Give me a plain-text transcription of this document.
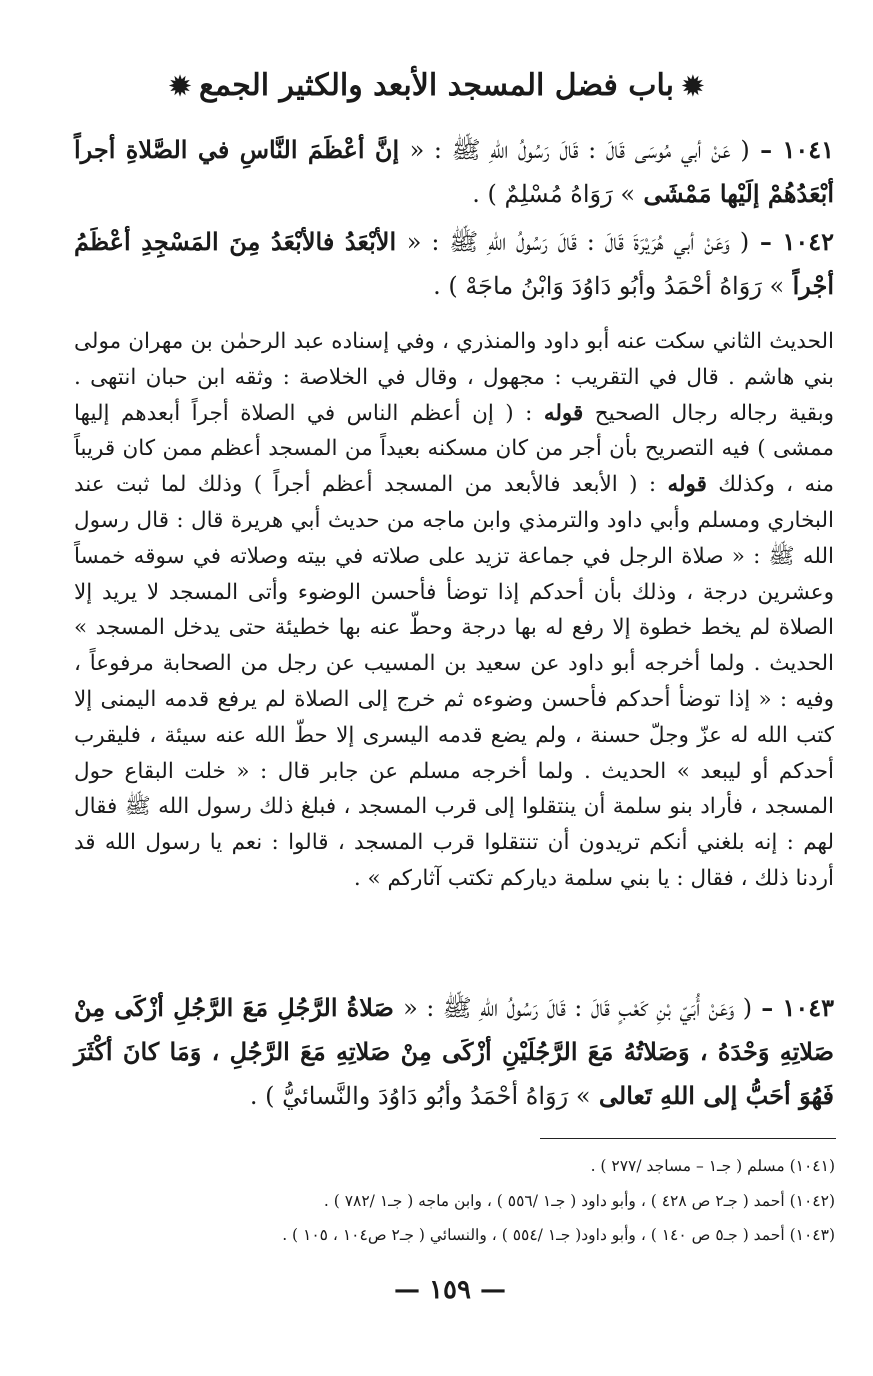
✹باب فضل المسجد الأبعد والكثير الجمع✹
١٠٤١ – ( عَنْ أبي مُوسَى قَالَ : قَالَ رَسُولُ اللهِ ﷺ : « إنَّ أعْظَمَ النَّاسِ في الصَّلاةِ أجراً أبْعَدُهُمْ إلَيْها مَمْشَى » رَوَاهُ مُسْلِمٌ ) .
١٠٤٢ – ( وَعَنْ أبي هُرَيْرَةَ قَالَ : قَالَ رَسُولُ اللهِ ﷺ : « الأبْعَدُ فالأبْعَدُ مِنَ المَسْجِدِ أعْظَمُ أجْراً » رَوَاهُ أحْمَدُ وأبُو دَاوُدَ وَابْنُ ماجَهْ ) .
الحديث الثاني سكت عنه أبو داود والمنذري ، وفي إسناده عبد الرحمٰن بن مهران مولى بني هاشم . قال في التقريب : مجهول ، وقال في الخلاصة : وثقه ابن حبان انتهى . وبقية رجاله رجال الصحيح قوله : ( إن أعظم الناس في الصلاة أجراً أبعدهم إليها ممشى ) فيه التصريح بأن أجر من كان مسكنه بعيداً من المسجد أعظم ممن كان قريباً منه ، وكذلك قوله : ( الأبعد فالأبعد من المسجد أعظم أجراً ) وذلك لما ثبت عند البخاري ومسلم وأبي داود والترمذي وابن ماجه من حديث أبي هريرة قال : قال رسول الله ﷺ : « صلاة الرجل في جماعة تزيد على صلاته في بيته وصلاته في سوقه خمساً وعشرين درجة ، وذلك بأن أحدكم إذا توضأ فأحسن الوضوء وأتى المسجد لا يريد إلا الصلاة لم يخط خطوة إلا رفع له بها درجة وحطّ عنه بها خطيئة حتى يدخل المسجد » الحديث . ولما أخرجه أبو داود عن سعيد بن المسيب عن رجل من الصحابة مرفوعاً ، وفيه : « إذا توضأ أحدكم فأحسن وضوءه ثم خرج إلى الصلاة لم يرفع قدمه اليمنى إلا كتب الله له عزّ وجلّ حسنة ، ولم يضع قدمه اليسرى إلا حطّ الله عنه سيئة ، فليقرب أحدكم أو ليبعد » الحديث . ولما أخرجه مسلم عن جابر قال : « خلت البقاع حول المسجد ، فأراد بنو سلمة أن ينتقلوا إلى قرب المسجد ، فبلغ ذلك رسول الله ﷺ فقال لهم : إنه بلغني أنكم تريدون أن تنتقلوا قرب المسجد ، قالوا : نعم يا رسول الله قد أردنا ذلك ، فقال : يا بني سلمة دياركم تكتب آثاركم » .
١٠٤٣ – ( وَعَنْ أُبَيّ بْنِ كَعْبٍ قَالَ : قَالَ رَسُولُ اللهِ ﷺ : « صَلاةُ الرَّجُلِ مَعَ الرَّجُلِ أزْكَى مِنْ صَلاتِهِ وَحْدَهُ ، وَصَلاتُهُ مَعَ الرَّجُلَيْنِ أزْكَى مِنْ صَلاتِهِ مَعَ الرَّجُلِ ، وَمَا كانَ أكْثَرَ فَهُوَ أحَبُّ إلى اللهِ تَعالى » رَوَاهُ أحْمَدُ وأبُو دَاوُدَ والنَّسائيُّ ) .
(١٠٤١) مسلم ( جـ١ – مساجد /٢٧٧ ) .
(١٠٤٢) أحمد ( جـ٢ ص ٤٢٨ ) ، وأبو داود ( جـ١ /٥٥٦ ) ، وابن ماجه ( جـ١ /٧٨٢ ) .
(١٠٤٣) أحمد ( جـ٥ ص ١٤٠ ) ، وأبو داود( جـ١ /٥٥٤ ) ، والنسائي ( جـ٢ ص١٠٤ ، ١٠٥ ) .
— ١٥٩ —
